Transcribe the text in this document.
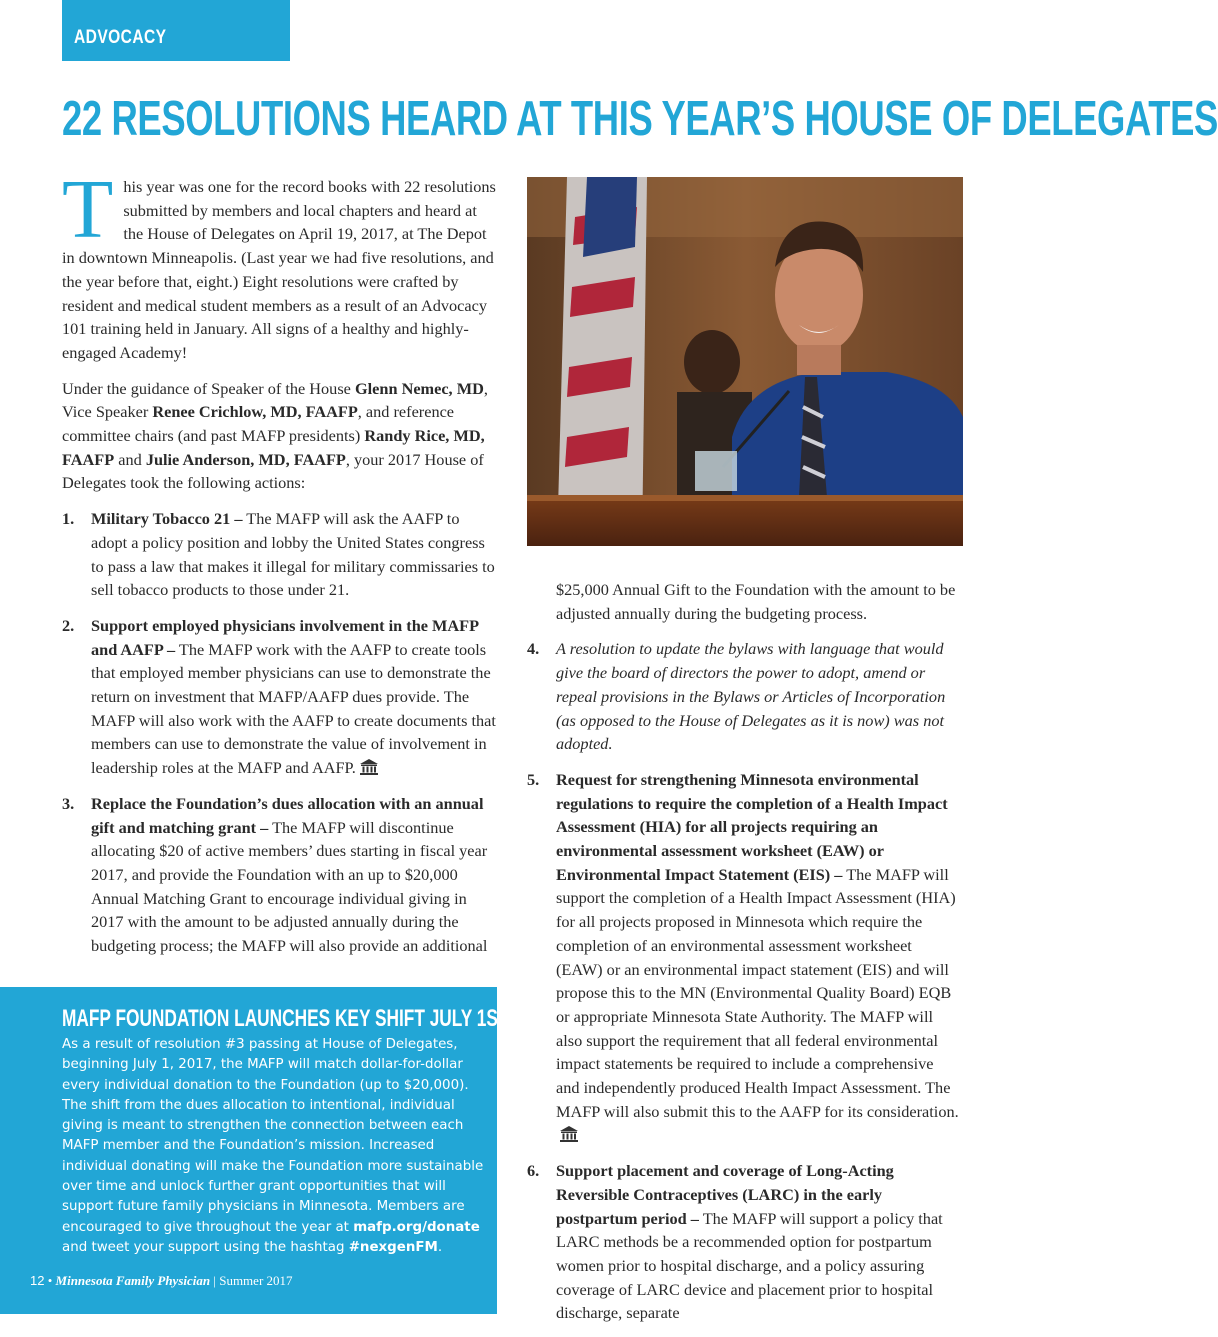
ADVOCACY
22 RESOLUTIONS HEARD AT THIS YEAR’S HOUSE OF DELEGATES

This year was one for the record books with 22 resolutions submitted by members and local chapters and heard at the House of Delegates on April 19, 2017, at The Depot in downtown Minneapolis. (Last year we had five resolutions, and the year before that, eight.) Eight resolutions were crafted by resident and medical student members as a result of an Advocacy 101 training held in January. All signs of a healthy and highly-engaged Academy!

Under the guidance of Speaker of the House Glenn Nemec, MD, Vice Speaker Renee Crichlow, MD, FAAFP, and reference committee chairs (and past MAFP presidents) Randy Rice, MD, FAAFP and Julie Anderson, MD, FAAFP, your 2017 House of Delegates took the following actions:

1. Military Tobacco 21 – The MAFP will ask the AAFP to adopt a policy position and lobby the United States congress to pass a law that makes it illegal for military commissaries to sell tobacco products to those under 21.
2. Support employed physicians involvement in the MAFP and AAFP – The MAFP work with the AAFP to create tools that employed member physicians can use to demonstrate the return on investment that MAFP/AAFP dues provide. The MAFP will also work with the AAFP to create documents that members can use to demonstrate the value of involvement in leadership roles at the MAFP and AAFP.
3. Replace the Foundation’s dues allocation with an annual gift and matching grant – The MAFP will discontinue allocating $20 of active members’ dues starting in fiscal year 2017, and provide the Foundation with an up to $20,000 Annual Matching Grant to encourage individual giving in 2017 with the amount to be adjusted annually during the budgeting process; the MAFP will also provide an additional
$25,000 Annual Gift to the Foundation with the amount to be adjusted annually during the budgeting process.
4. A resolution to update the bylaws with language that would give the board of directors the power to adopt, amend or repeal provisions in the Bylaws or Articles of Incorporation (as opposed to the House of Delegates as it is now) was not adopted.
5. Request for strengthening Minnesota environmental regulations to require the completion of a Health Impact Assessment (HIA) for all projects requiring an environmental assessment worksheet (EAW) or Environmental Impact Statement (EIS) – The MAFP will support the completion of a Health Impact Assessment (HIA) for all projects proposed in Minnesota which require the completion of an environmental assessment worksheet (EAW) or an environmental impact statement (EIS) and will propose this to the MN (Environmental Quality Board) EQB or appropriate Minnesota State Authority. The MAFP will also support the requirement that all federal environmental impact statements be required to include a comprehensive and independently produced Health Impact Assessment. The MAFP will also submit this to the AAFP for its consideration.
6. Support placement and coverage of Long-Acting Reversible Contraceptives (LARC) in the early postpartum period – The MAFP will support a policy that LARC methods be a recommended option for postpartum women prior to hospital discharge, and a policy assuring coverage of LARC device and placement prior to hospital discharge, separate
MAFP FOUNDATION LAUNCHES KEY SHIFT JULY 1ST
As a result of resolution #3 passing at House of Delegates, beginning July 1, 2017, the MAFP will match dollar-for-dollar every individual donation to the Foundation (up to $20,000). The shift from the dues allocation to intentional, individual giving is meant to strengthen the connection between each MAFP member and the Foundation’s mission. Increased individual donating will make the Foundation more sustainable over time and unlock further grant opportunities that will support future family physicians in Minnesota. Members are encouraged to give throughout the year at mafp.org/donate and tweet your support using the hashtag #nexgenFM.
12 • Minnesota Family Physician | Summer 2017
